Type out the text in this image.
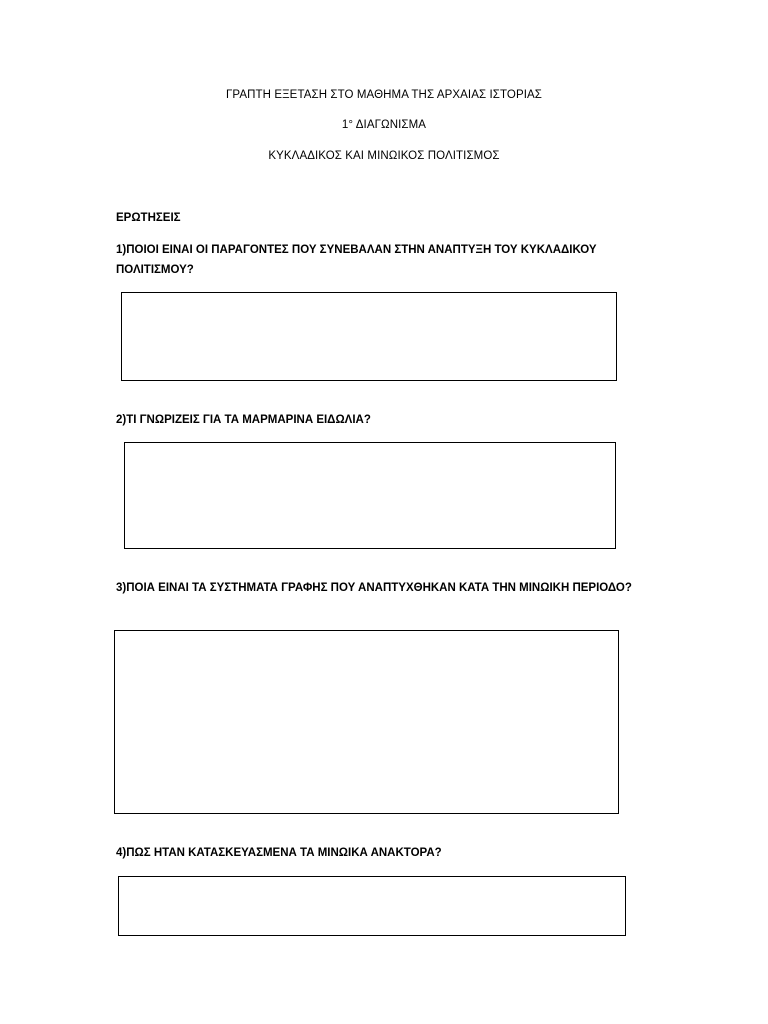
ΓΡΑΠΤΗ ΕΞΕΤΑΣΗ ΣΤΟ ΜΑΘΗΜΑ ΤΗΣ ΑΡΧΑΙΑΣ ΙΣΤΟΡΙΑΣ
1° ΔΙΑΓΩΝΙΣΜΑ
ΚΥΚΛΑΔΙΚΟΣ ΚΑΙ ΜΙΝΩΙΚΟΣ ΠΟΛΙΤΙΣΜΟΣ
ΕΡΩΤΗΣΕΙΣ
1)ΠΟΙΟΙ ΕΙΝΑΙ ΟΙ ΠΑΡΑΓΟΝΤΕΣ ΠΟΥ ΣΥΝΕΒΑΛΑΝ ΣΤΗΝ ΑΝΑΠΤΥΞΗ ΤΟΥ ΚΥΚΛΑΔΙΚΟΥ ΠΟΛΙΤΙΣΜΟΥ?
2)ΤΙ ΓΝΩΡΙΖΕΙΣ ΓΙΑ ΤΑ ΜΑΡΜΑΡΙΝΑ ΕΙΔΩΛΙΑ?
3)ΠΟΙΑ ΕΙΝΑΙ ΤΑ ΣΥΣΤΗΜΑΤΑ ΓΡΑΦΗΣ ΠΟΥ ΑΝΑΠΤΥΧΘΗΚΑΝ ΚΑΤΑ ΤΗΝ ΜΙΝΩΙΚΗ ΠΕΡΙΟΔΟ?
4)ΠΩΣ ΗΤΑΝ ΚΑΤΑΣΚΕΥΑΣΜΕΝΑ ΤΑ ΜΙΝΩΙΚΑ ΑΝΑΚΤΟΡΑ?
